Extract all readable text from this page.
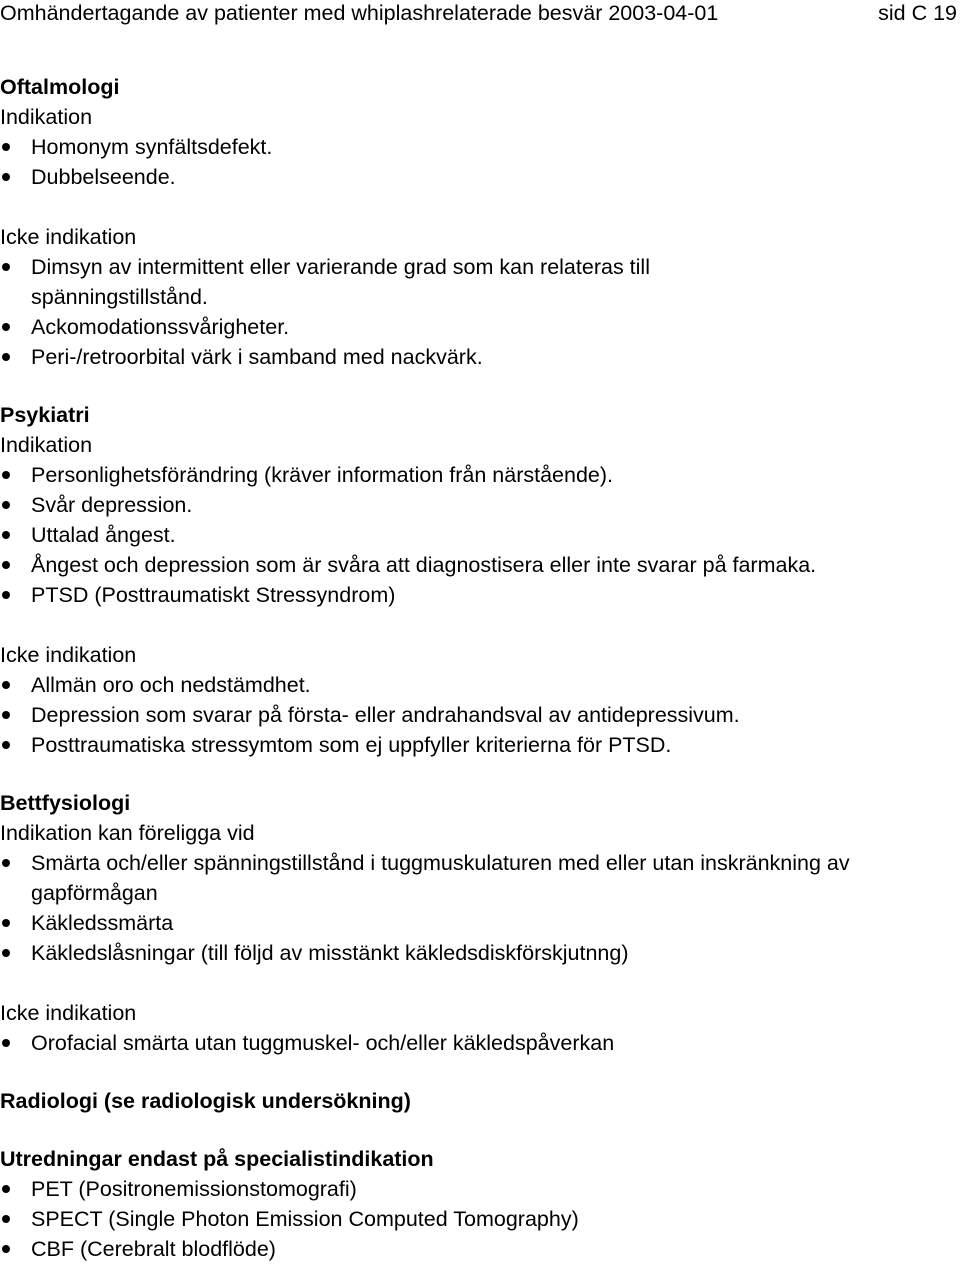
Omhändertagande av patienter med whiplashrelaterade besvär 2003-04-01	sid C 19

Oftalmologi

Indikation

Homonym synfältsdefekt.
Dubbelseende.

Icke indikation

Dimsyn av intermittent eller varierande grad som kan relateras till spänningstillstånd.
Ackomodationssvårigheter.
Peri-/retroorbital värk i samband med nackvärk.

Psykiatri

Indikation

Personlighetsförändring (kräver information från närstående).
Svår depression.
Uttalad ångest.
Ångest och depression som är svåra att diagnostisera eller inte svarar på farmaka.
PTSD (Posttraumatiskt Stressyndrom)

Icke indikation

Allmän oro och nedstämdhet.
Depression som svarar på första- eller andrahandsval av antidepressivum.
Posttraumatiska stressymtom som ej uppfyller kriterierna för PTSD.

Bettfysiologi

Indikation kan föreligga vid

Smärta och/eller spänningstillstånd i tuggmuskulaturen med eller utan inskränkning av gapförmågan
Käkledssmärta
Käkledslåsningar (till följd av misstänkt käkledsdiskförskjutnng)

Icke indikation

Orofacial smärta utan tuggmuskel- och/eller käkledspåverkan

Radiologi (se radiologisk undersökning)

Utredningar endast på specialistindikation

PET (Positronemissionstomografi)
SPECT (Single Photon Emission Computed Tomography)
CBF (Cerebralt blodflöde)
